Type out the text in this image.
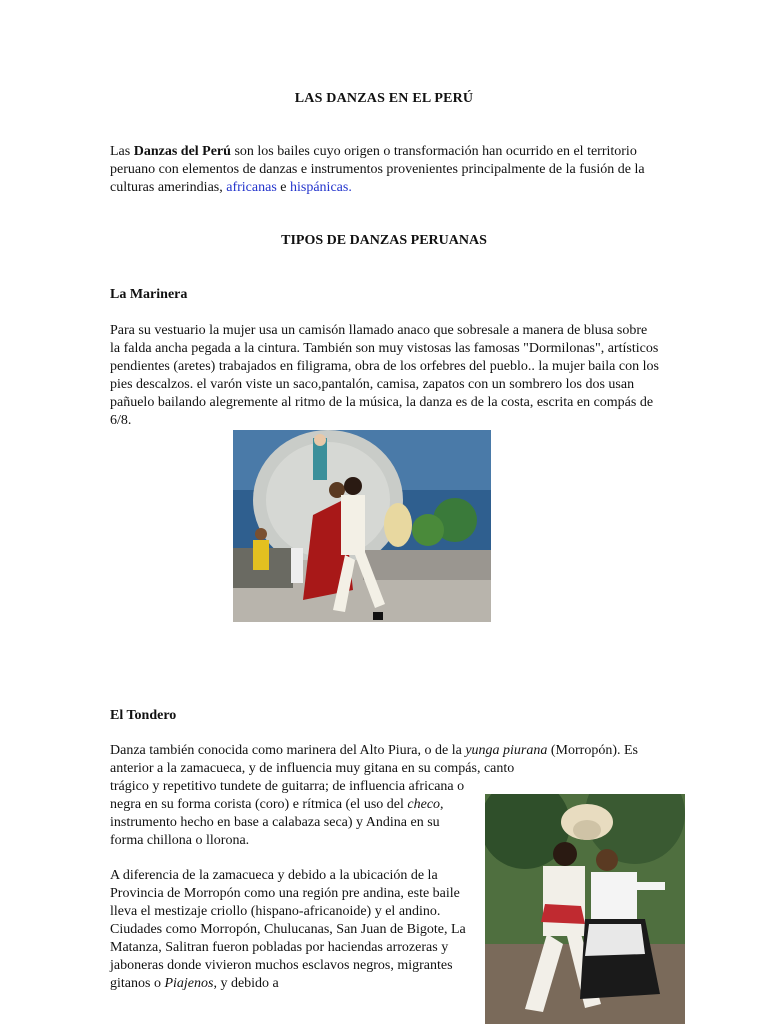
LAS DANZAS EN EL PERÚ

Las Danzas del Perú son los bailes cuyo origen o transformación han ocurrido en el territorio peruano con elementos de danzas e instrumentos provenientes principalmente de la fusión de la culturas amerindias, africanas e hispánicas.

TIPOS DE DANZAS PERUANAS
La Marinera

Para su vestuario la mujer usa un camisón llamado anaco que sobresale a manera de blusa sobre la falda ancha pegada a la cintura. También son muy vistosas las famosas "Dormilonas", artísticos pendientes (aretes) trabajados en filigrama, obra de los orfebres del pueblo.. la mujer baila con los pies descalzos. el varón viste un saco,pantalón, camisa, zapatos con un sombrero los dos usan pañuelo bailando alegremente al ritmo de la música, la danza es de la costa, escrita en compás de 6/8.

El Tondero

Danza también conocida como marinera del Alto Piura, o de la yunga piurana (Morropón). Es anterior a la zamacueca, y de influencia muy gitana en su compás, canto

trágico y repetitivo tundete de guitarra; de influencia africana o negra en su forma corista (coro) e rítmica (el uso del checo, instrumento hecho en base a calabaza seca) y Andina en su forma chillona o llorona.

A diferencia de la zamacueca y debido a la ubicación de la Provincia de Morropón como una región pre andina, este baile lleva el mestizaje criollo (hispano-africanoide) y el andino. Ciudades como Morropón, Chulucanas, San Juan de Bigote, La Matanza, Salitran fueron pobladas por haciendas arrozeras y jaboneras donde vivieron muchos esclavos negros, migrantes gitanos o Piajenos, y debido a
